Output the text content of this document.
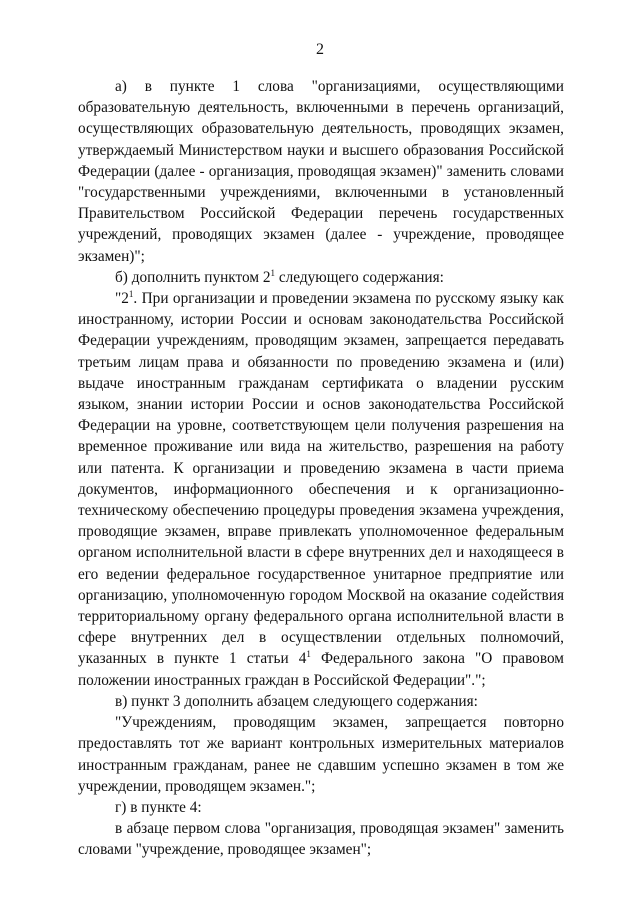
2

а) в пункте 1 слова "организациями, осуществляющими образовательную деятельность, включенными в перечень организаций, осуществляющих образовательную деятельность, проводящих экзамен, утверждаемый Министерством науки и высшего образования Российской Федерации (далее - организация, проводящая экзамен)" заменить словами "государственными учреждениями, включенными в установленный Правительством Российской Федерации перечень государственных учреждений, проводящих экзамен (далее - учреждение, проводящее экзамен)";

б) дополнить пунктом $2^1$ следующего содержания:

"$2^1$. При организации и проведении экзамена по русскому языку как иностранному, истории России и основам законодательства Российской Федерации учреждениям, проводящим экзамен, запрещается передавать третьим лицам права и обязанности по проведению экзамена и (или) выдаче иностранным гражданам сертификата о владении русским языком, знании истории России и основ законодательства Российской Федерации на уровне, соответствующем цели получения разрешения на временное проживание или вида на жительство, разрешения на работу или патента. К организации и проведению экзамена в части приема документов, информационного обеспечения и к организационно-техническому обеспечению процедуры проведения экзамена учреждения, проводящие экзамен, вправе привлекать уполномоченное федеральным органом исполнительной власти в сфере внутренних дел и находящееся в его ведении федеральное государственное унитарное предприятие или организацию, уполномоченную городом Москвой на оказание содействия территориальному органу федерального органа исполнительной власти в сфере внутренних дел в осуществлении отдельных полномочий, указанных в пункте 1 статьи $4^1$ Федерального закона "О правовом положении иностранных граждан в Российской Федерации".";

в) пункт 3 дополнить абзацем следующего содержания:

"Учреждениям, проводящим экзамен, запрещается повторно предоставлять тот же вариант контрольных измерительных материалов иностранным гражданам, ранее не сдавшим успешно экзамен в том же учреждении, проводящем экзамен.";

г) в пункте 4:

в абзаце первом слова "организация, проводящая экзамен" заменить словами "учреждение, проводящее экзамен";
